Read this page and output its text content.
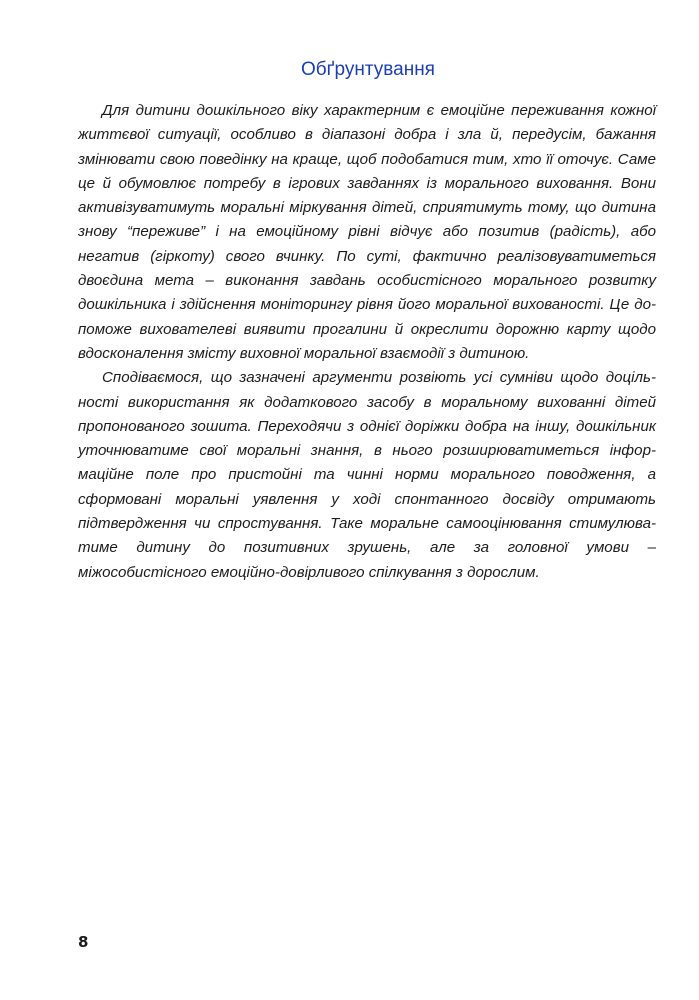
Обґрунтування

Для дитини дошкільного віку характерним є емоційне переживання кожної життєвої ситуації, особливо в діапазоні добра і зла й, передусім, бажання змінювати свою поведінку на краще, щоб подобатися тим, хто її оточує. Саме це й обумовлює потребу в ігрових завданнях із морального виховання. Вони активізуватимуть моральні міркування дітей, сприятимуть тому, що дитина знову “переживе” і на емоційному рівні відчує або позитив (радість), або негатив (гіркоту) свого вчинку. По суті, фактично реалізовуватиметься двоєдина мета – виконання завдань особистісного морального розвитку дошкільника і здійснення моніторингу рівня його моральної вихованості. Це допоможе вихователеві виявити прогалини й окреслити дорожню карту щодо вдосконалення змісту виховної моральної взаємодії з дитиною.

Сподіваємося, що зазначені аргументи розвіють усі сумніви щодо доцільності використання як додаткового засобу в моральному вихованні дітей пропонованого зошита. Переходячи з однієї доріжки добра на іншу, дошкільник уточнюватиме свої моральні знання, в нього розширюватиметься інформаційне поле про пристойні та чинні норми морального поводження, а сформовані моральні уявлення у ході спонтанного досвіду отримають підтвердження чи спростування. Таке моральне самооцінювання стимулюватиме дитину до позитивних зрушень, але за головної умови – міжособистісного емоційно-довірливого спілкування з дорослим.

8
